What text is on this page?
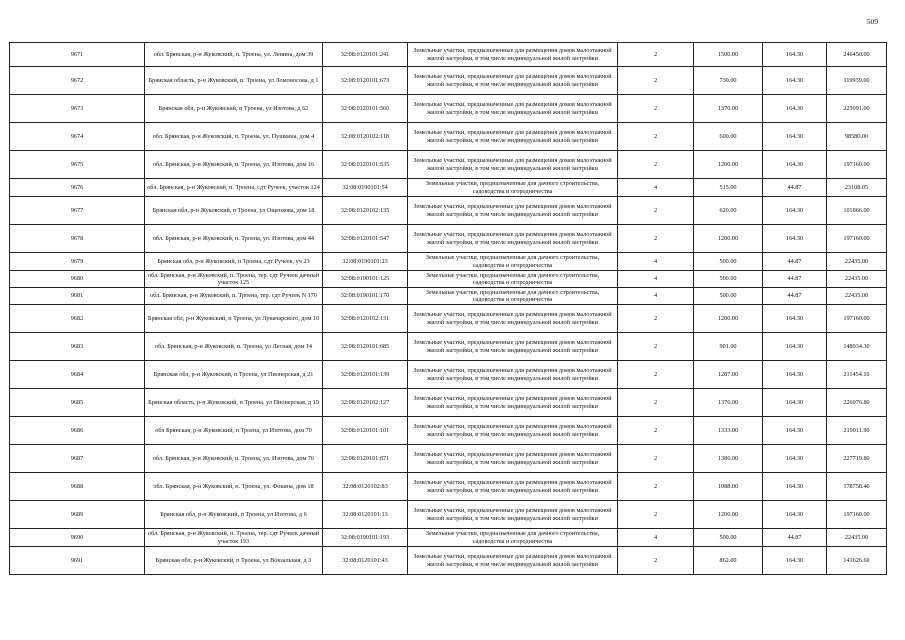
509
9671	обл. Брянская, р-н Жуковский, п. Троена, ул. Ленина, дом 39	32:08:0120101:241	Земельные участки, предназначенные для размещения домов малоэтажной жилой застройки, в том числе индивидуальной жилой застройки	2	1500.00	164.30	246450.00
9672	Брянская область, р-н Жуковский, п. Троена, ул Ломоносова, д 1	32:08:0120101:673	Земельные участки, предназначенные для размещения домов малоэтажной жилой застройки, в том числе индивидуальной жилой застройки	2	730.00	164.30	119939.00
9673	Брянская обл, р-н Жуковский, п Троена, ул Изотова, д 62	32:08:0120101:560	Земельные участки, предназначенные для размещения домов малоэтажной жилой застройки, в том числе индивидуальной жилой застройки	2	1370.00	164.30	225091.00
9674	обл. Брянская, р-н Жуковский, п. Троена, ул. Пушкина, дом 4	32:08:0120102:118	Земельные участки, предназначенные для размещения домов малоэтажной жилой застройки, в том числе индивидуальной жилой застройки	2	600.00	164.30	98580.00
9675	обл. Брянская, р-н Жуковский, п. Троена, ул. Изотова, дом 16	32:08:0120101:535	Земельные участки, предназначенные для размещения домов малоэтажной жилой застройки, в том числе индивидуальной жилой застройки	2	1200.00	164.30	197160.00
9676	обл. Брянская, р-н Жуковский, п. Троена, сдт Ручеек, участок 124	32:08:0190101:54	Земельные участки, предназначенные для дачного строительства, садоводства и огородничества	4	515.00	44.87	23108.05
9677	Брянская обл, р-н Жуковский, п Троена, ул Ощепкова, дом 18	32:08:0120102:135	Земельные участки, предназначенные для размещения домов малоэтажной жилой застройки, в том числе индивидуальной жилой застройки	2	620.00	164.30	101866.00
9678	обл. Брянская, р-н Жуковский, п. Троена, ул. Изотова, дом 44	32:08:0120101:547	Земельные участки, предназначенные для размещения домов малоэтажной жилой застройки, в том числе индивидуальной жилой застройки	2	1200.00	164.30	197160.00
9679	Брянская обл, р-н Жуковский, п Троена, сдт Ручеек, уч 23	32:08:0190101:23	Земельные участки, предназначенные для дачного строительства, садоводства и огородничества	4	500.00	44.87	22435.00
9680	обл. Брянская, р-н Жуковский, п. Троена, тер. сдт Ручеек дачный участок 125	32:08:0190101:125	Земельные участки, предназначенные для дачного строительства, садоводства и огородничества	4	500.00	44.87	22435.00
9681	обл. Брянская, р-н Жуковский, п. Троена, тер. сдт Ручеек N 170	32:08:0190101:170	Земельные участки, предназначенные для дачного строительства, садоводства и огородничества	4	500.00	44.87	22435.00
9682	Брянская обл, р-н Жуковский, п Троена, ул Луначарского, дом 10	32:08:0120102:131	Земельные участки, предназначенные для размещения домов малоэтажной жилой застройки, в том числе индивидуальной жилой застройки	2	1200.00	164.30	197160.00
9683	обл. Брянская, р-н Жуковский, п. Троена, ул Лесная, дом 14	32:08:0120101:685	Земельные участки, предназначенные для размещения домов малоэтажной жилой застройки, в том числе индивидуальной жилой застройки	2	901.00	164.30	148034.30
9684	Брянская обл, р-н Жуковский, п Троена, ул Пионерская, д 21	32:08:0120101:139	Земельные участки, предназначенные для размещения домов малоэтажной жилой застройки, в том числе индивидуальной жилой застройки	2	1287.00	164.30	211454.10
9685	Брянская область, р-н Жуковский, п Троена, ул Пионерская, д 19	32:08:0120102:127	Земельные участки, предназначенные для размещения домов малоэтажной жилой застройки, в том числе индивидуальной жилой застройки	2	1376.00	164.30	226076.80
9686	обл Брянская, р-н Жуковский, п Троена, ул Изотова, дом 70	32:08:0120101:101	Земельные участки, предназначенные для размещения домов малоэтажной жилой застройки, в том числе индивидуальной жилой застройки	2	1333.00	164.30	219011.90
9687	обл. Брянская, р-н Жуковский, п. Троена, ул. Изотова, дом 76	32:08:0120101:871	Земельные участки, предназначенные для размещения домов малоэтажной жилой застройки, в том числе индивидуальной жилой застройки	2	1386.00	164.30	227719.80
9688	обл. Брянская, р-н Жуковский, п. Троена, ул. Фокина, дом 18	32:08:0120102:83	Земельные участки, предназначенные для размещения домов малоэтажной жилой застройки, в том числе индивидуальной жилой застройки	2	1088.00	164.30	178758.40
9689	Брянская обл, р-н Жуковский, п Троена, ул Изотова, д 6	32:08:0120101:13	Земельные участки, предназначенные для размещения домов малоэтажной жилой застройки, в том числе индивидуальной жилой застройки	2	1200.00	164.30	197160.00
9690	обл. Брянская, р-н Жуковский, п. Троена, тер. сдт Ручеек дачный участок 193	32:08:0190101:193	Земельные участки, предназначенные для дачного строительства, садоводства и огородничества	4	500.00	44.87	22435.00
9691	Брянская обл, р-н Жуковский, п Троена, ул Вокзальная, д 3	32:08:0120101:43	Земельные участки, предназначенные для размещения домов малоэтажной жилой застройки, в том числе индивидуальной жилой застройки	2	862.00	164.30	141626.60
